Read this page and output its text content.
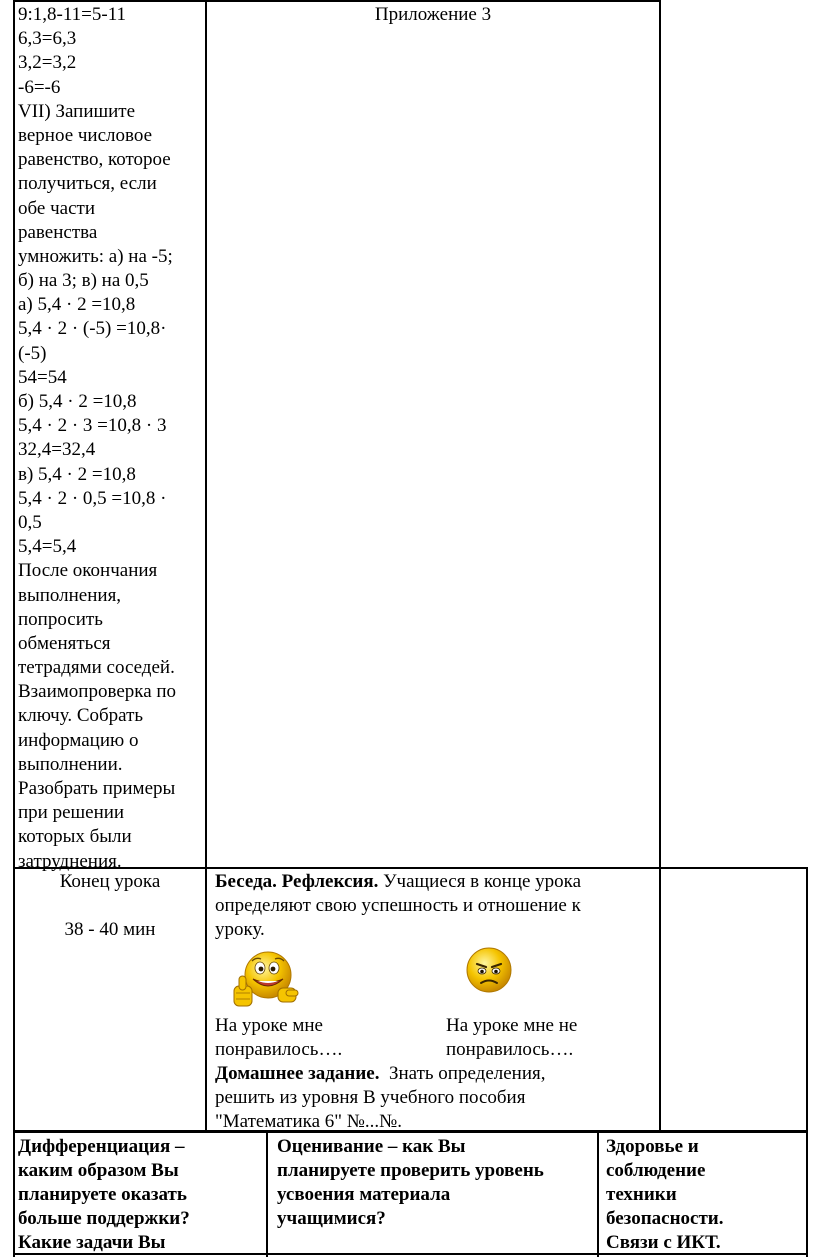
9:1,8-11=5-11
6,3=6,3
3,2=3,2
-6=-6
VII) Запишите
верное числовое
равенство, которое
получиться, если
обе части
равенства
умножить: а) на -5;
б) на 3; в) на 0,5
а) 5,4 · 2 =10,8
5,4 · 2 · (-5) =10,8·
(-5)
54=54
б) 5,4 · 2 =10,8
5,4 · 2 · 3 =10,8 · 3
32,4=32,4
в) 5,4 · 2 =10,8
5,4 · 2 · 0,5 =10,8 ·
0,5
5,4=5,4
После окончания
выполнения,
попросить
обменяться
тетрадями соседей.
Взаимопроверка по
ключу. Собрать
информацию о
выполнении.
Разобрать примеры
при решении
которых были
затруднения.
Приложение 3
Конец урока
38 - 40 мин
Беседа. Рефлексия. Учащиеся в конце урока
определяют свою успешность и отношение к
уроку.
На уроке мне
понравилось….
На уроке мне не
понравилось….
Домашнее задание.  Знать определения,
решить из уровня В учебного пособия
"Математика 6" №...№.
Дифференциация –
каким образом Вы
планируете оказать
больше поддержки?
Какие задачи Вы
Оценивание – как Вы
планируете проверить уровень
усвоения материала
учащимися?
Здоровье и
соблюдение
техники
безопасности.
Связи с ИКТ.
